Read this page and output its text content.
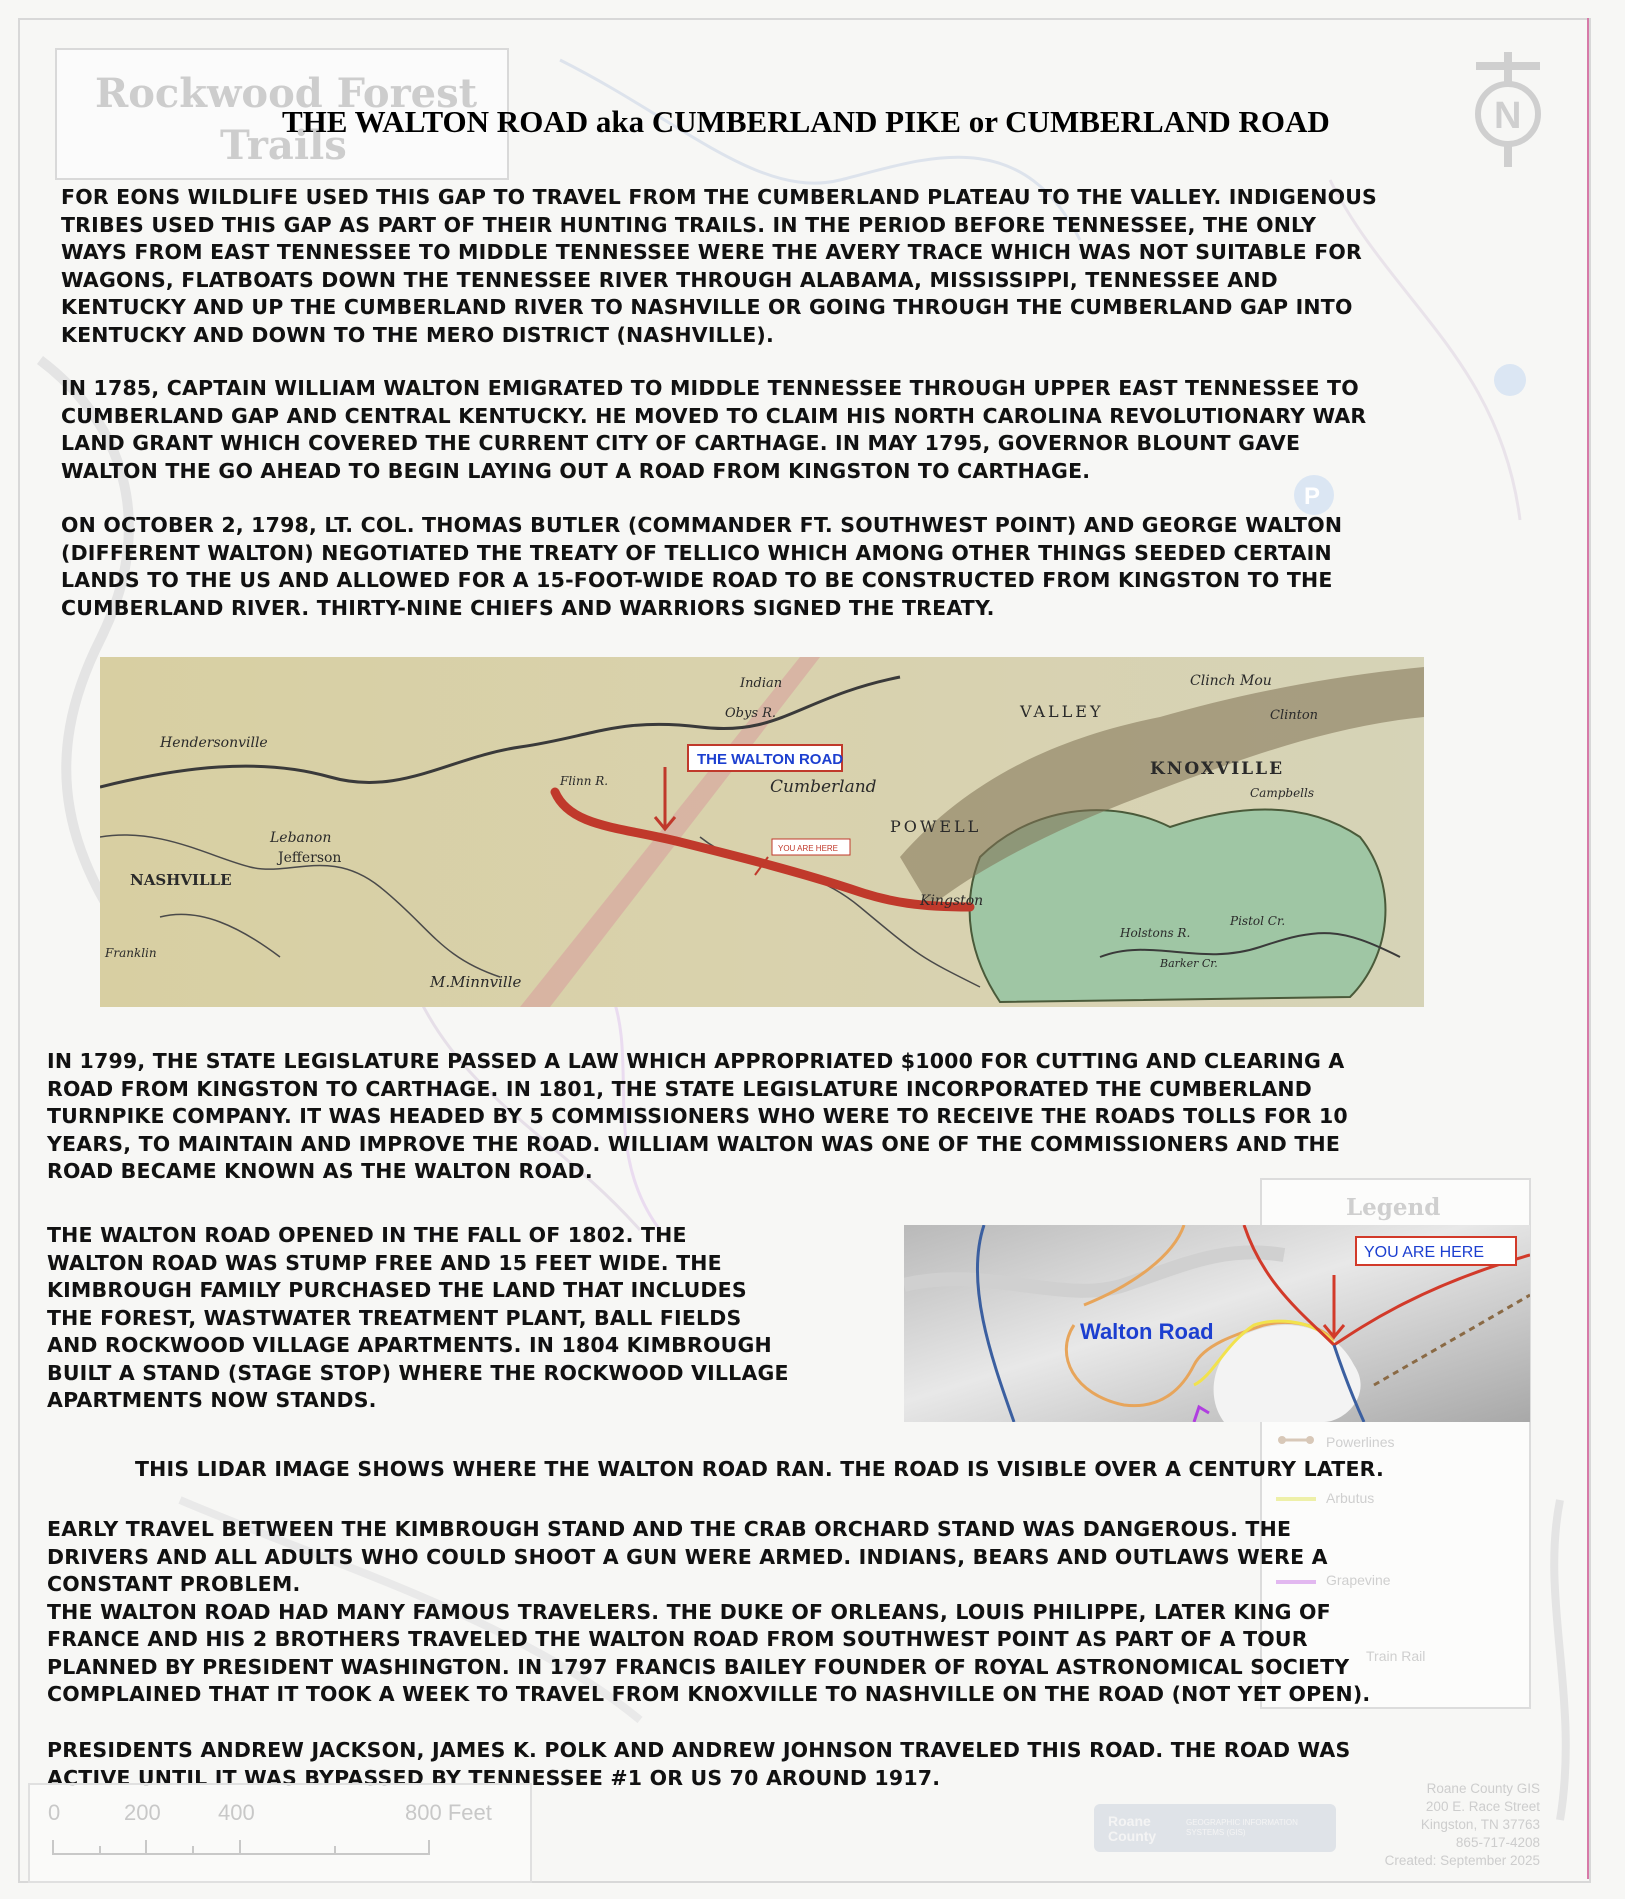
P
Rockwood Forest
Trails
N
THE WALTON ROAD aka CUMBERLAND PIKE or CUMBERLAND ROAD
FOR EONS WILDLIFE USED THIS GAP TO TRAVEL FROM THE CUMBERLAND PLATEAU TO THE VALLEY. INDIGENOUS
TRIBES USED THIS GAP AS PART OF THEIR HUNTING TRAILS. IN THE PERIOD BEFORE TENNESSEE, THE ONLY
WAYS FROM EAST TENNESSEE TO MIDDLE TENNESSEE WERE THE AVERY TRACE WHICH WAS NOT SUITABLE FOR
WAGONS, FLATBOATS DOWN THE TENNESSEE RIVER THROUGH ALABAMA, MISSISSIPPI, TENNESSEE AND
KENTUCKY AND UP THE CUMBERLAND RIVER TO NASHVILLE OR GOING THROUGH THE CUMBERLAND GAP INTO
KENTUCKY AND DOWN TO THE MERO DISTRICT (NASHVILLE).
IN 1785, CAPTAIN WILLIAM WALTON EMIGRATED TO MIDDLE TENNESSEE THROUGH UPPER EAST TENNESSEE TO
CUMBERLAND GAP AND CENTRAL KENTUCKY. HE MOVED TO CLAIM HIS NORTH CAROLINA REVOLUTIONARY WAR
LAND GRANT WHICH COVERED THE CURRENT CITY OF CARTHAGE. IN MAY 1795, GOVERNOR BLOUNT GAVE
WALTON THE GO AHEAD TO BEGIN LAYING OUT A ROAD FROM KINGSTON TO CARTHAGE.
ON OCTOBER 2, 1798, LT. COL. THOMAS BUTLER (COMMANDER FT. SOUTHWEST POINT) AND GEORGE WALTON
(DIFFERENT WALTON) NEGOTIATED THE TREATY OF TELLICO WHICH AMONG OTHER THINGS SEEDED CERTAIN
LANDS TO THE US AND ALLOWED FOR A 15-FOOT-WIDE ROAD TO BE CONSTRUCTED FROM KINGSTON TO THE
CUMBERLAND RIVER. THIRTY-NINE CHIEFS AND WARRIORS SIGNED THE TREATY.
THE WALTON ROAD
YOU ARE HERE
KNOXVILLE
NASHVILLE
Kingston
POWELL
VALLEY
Cumberland
Hendersonville
Lebanon
Jefferson
M.Minnville
Flinn R.
Obys R.
Indian	Clinch Mou
Clinton
Campbells
Holstons R.
Pistol Cr.
Barker Cr.
Franklin
IN 1799, THE STATE LEGISLATURE PASSED A LAW WHICH APPROPRIATED $1000 FOR CUTTING AND CLEARING A
ROAD FROM KINGSTON TO CARTHAGE. IN 1801, THE STATE LEGISLATURE INCORPORATED THE CUMBERLAND
TURNPIKE COMPANY. IT WAS HEADED BY 5 COMMISSIONERS WHO WERE TO RECEIVE THE ROADS TOLLS FOR 10
YEARS, TO MAINTAIN AND IMPROVE THE ROAD. WILLIAM WALTON WAS ONE OF THE COMMISSIONERS AND THE
ROAD BECAME KNOWN AS THE WALTON ROAD.
Legend
Powerlines
Arbutus
Grapevine
Train Rail
THE WALTON ROAD OPENED IN THE FALL OF 1802. THE
WALTON ROAD WAS STUMP FREE AND 15 FEET WIDE. THE
KIMBROUGH FAMILY PURCHASED THE LAND THAT INCLUDES
THE FOREST, WASTWATER TREATMENT PLANT, BALL FIELDS
AND ROCKWOOD VILLAGE APARTMENTS. IN 1804 KIMBROUGH
BUILT A STAND (STAGE STOP) WHERE THE ROCKWOOD VILLAGE
APARTMENTS NOW STANDS.
YOU ARE HERE
Walton Road
THIS LIDAR IMAGE SHOWS WHERE THE WALTON ROAD RAN. THE ROAD IS VISIBLE OVER A CENTURY LATER.
EARLY TRAVEL BETWEEN THE KIMBROUGH STAND AND THE CRAB ORCHARD STAND WAS DANGEROUS. THE
DRIVERS AND ALL ADULTS WHO COULD SHOOT A GUN WERE ARMED. INDIANS, BEARS AND OUTLAWS WERE A
CONSTANT PROBLEM.
THE WALTON ROAD HAD MANY FAMOUS TRAVELERS. THE DUKE OF ORLEANS, LOUIS PHILIPPE, LATER KING OF
FRANCE AND HIS 2 BROTHERS TRAVELED THE WALTON ROAD FROM SOUTHWEST POINT AS PART OF A TOUR
PLANNED BY PRESIDENT WASHINGTON. IN 1797 FRANCIS BAILEY FOUNDER OF ROYAL ASTRONOMICAL SOCIETY
COMPLAINED THAT IT TOOK A WEEK TO TRAVEL FROM KNOXVILLE TO NASHVILLE ON THE ROAD (NOT YET OPEN).
PRESIDENTS ANDREW JACKSON, JAMES K. POLK AND ANDREW JOHNSON TRAVELED THIS ROAD. THE ROAD WAS
ACTIVE UNTIL IT WAS BYPASSED BY TENNESSEE #1 OR US 70 AROUND 1917.
0	200	400	800 Feet	Roane County
GEOGRAPHIC INFORMATION SYSTEMS (GIS)
Roane County GIS
200 E. Race Street
Kingston, TN 37763
865-717-4208
Created: September 2025
